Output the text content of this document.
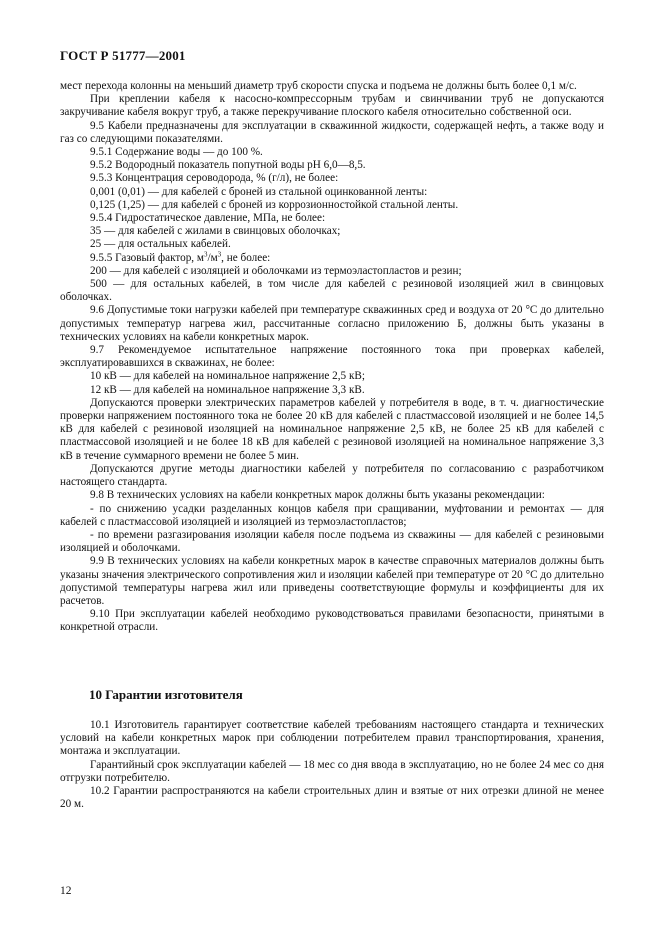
ГОСТ Р 51777—2001

мест перехода колонны на меньший диаметр труб скорости спуска и подъема не должны быть более 0,1 м/с.

При креплении кабеля к насосно-компрессорным трубам и свинчивании труб не допускаются закручивание кабеля вокруг труб, а также перекручивание плоского кабеля относительно собственной оси.

9.5 Кабели предназначены для эксплуатации в скважинной жидкости, содержащей нефть, а также воду и газ со следующими показателями.

9.5.1 Содержание воды — до 100 %.

9.5.2 Водородный показатель попутной воды pH 6,0—8,5.

9.5.3 Концентрация сероводорода, % (г/л), не более:

0,001 (0,01) — для кабелей с броней из стальной оцинкованной ленты:

0,125 (1,25) — для кабелей с броней из коррозионностойкой стальной ленты.

9.5.4 Гидростатическое давление, МПа, не более:

35 — для кабелей с жилами в свинцовых оболочках;

25 — для остальных кабелей.

9.5.5 Газовый фактор, $м^3/м^3$, не более:

200 — для кабелей с изоляцией и оболочками из термоэластопластов и резин;

500 — для остальных кабелей, в том числе для кабелей с резиновой изоляцией жил в свинцовых оболочках.

9.6 Допустимые токи нагрузки кабелей при температуре скважинных сред и воздуха от 20 °С до длительно допустимых температур нагрева жил, рассчитанные согласно приложению Б, должны быть указаны в технических условиях на кабели конкретных марок.

9.7 Рекомендуемое испытательное напряжение постоянного тока при проверках кабелей, эксплуатировавшихся в скважинах, не более:

10 кВ — для кабелей на номинальное напряжение 2,5 кВ;

12 кВ — для кабелей на номинальное напряжение 3,3 кВ.

Допускаются проверки электрических параметров кабелей у потребителя в воде, в т. ч. диагностические проверки напряжением постоянного тока не более 20 кВ для кабелей с пластмассовой изоляцией и не более 14,5 кВ для кабелей с резиновой изоляцией на номинальное напряжение 2,5 кВ, не более 25 кВ для кабелей с пластмассовой изоляцией и не более 18 кВ для кабелей с резиновой изоляцией на номинальное напряжение 3,3 кВ в течение суммарного времени не более 5 мин.

Допускаются другие методы диагностики кабелей у потребителя по согласованию с разработчиком настоящего стандарта.

9.8 В технических условиях на кабели конкретных марок должны быть указаны рекомендации:

- по снижению усадки разделанных концов кабеля при сращивании, муфтовании и ремонтах — для кабелей с пластмассовой изоляцией и изоляцией из термоэластопластов;

- по времени разгазирования изоляции кабеля после подъема из скважины — для кабелей с резиновыми изоляцией и оболочками.

9.9 В технических условиях на кабели конкретных марок в качестве справочных материалов должны быть указаны значения электрического сопротивления жил и изоляции кабелей при температуре от 20 °С до длительно допустимой температуры нагрева жил или приведены соответствующие формулы и коэффициенты для их расчетов.

9.10 При эксплуатации кабелей необходимо руководствоваться правилами безопасности, принятыми в конкретной отрасли.

10 Гарантии изготовителя

10.1 Изготовитель гарантирует соответствие кабелей требованиям настоящего стандарта и технических условий на кабели конкретных марок при соблюдении потребителем правил транспортирования, хранения, монтажа и эксплуатации.

Гарантийный срок эксплуатации кабелей — 18 мес со дня ввода в эксплуатацию, но не более 24 мес со дня отгрузки потребителю.

10.2 Гарантии распространяются на кабели строительных длин и взятые от них отрезки длиной не менее 20 м.

12
